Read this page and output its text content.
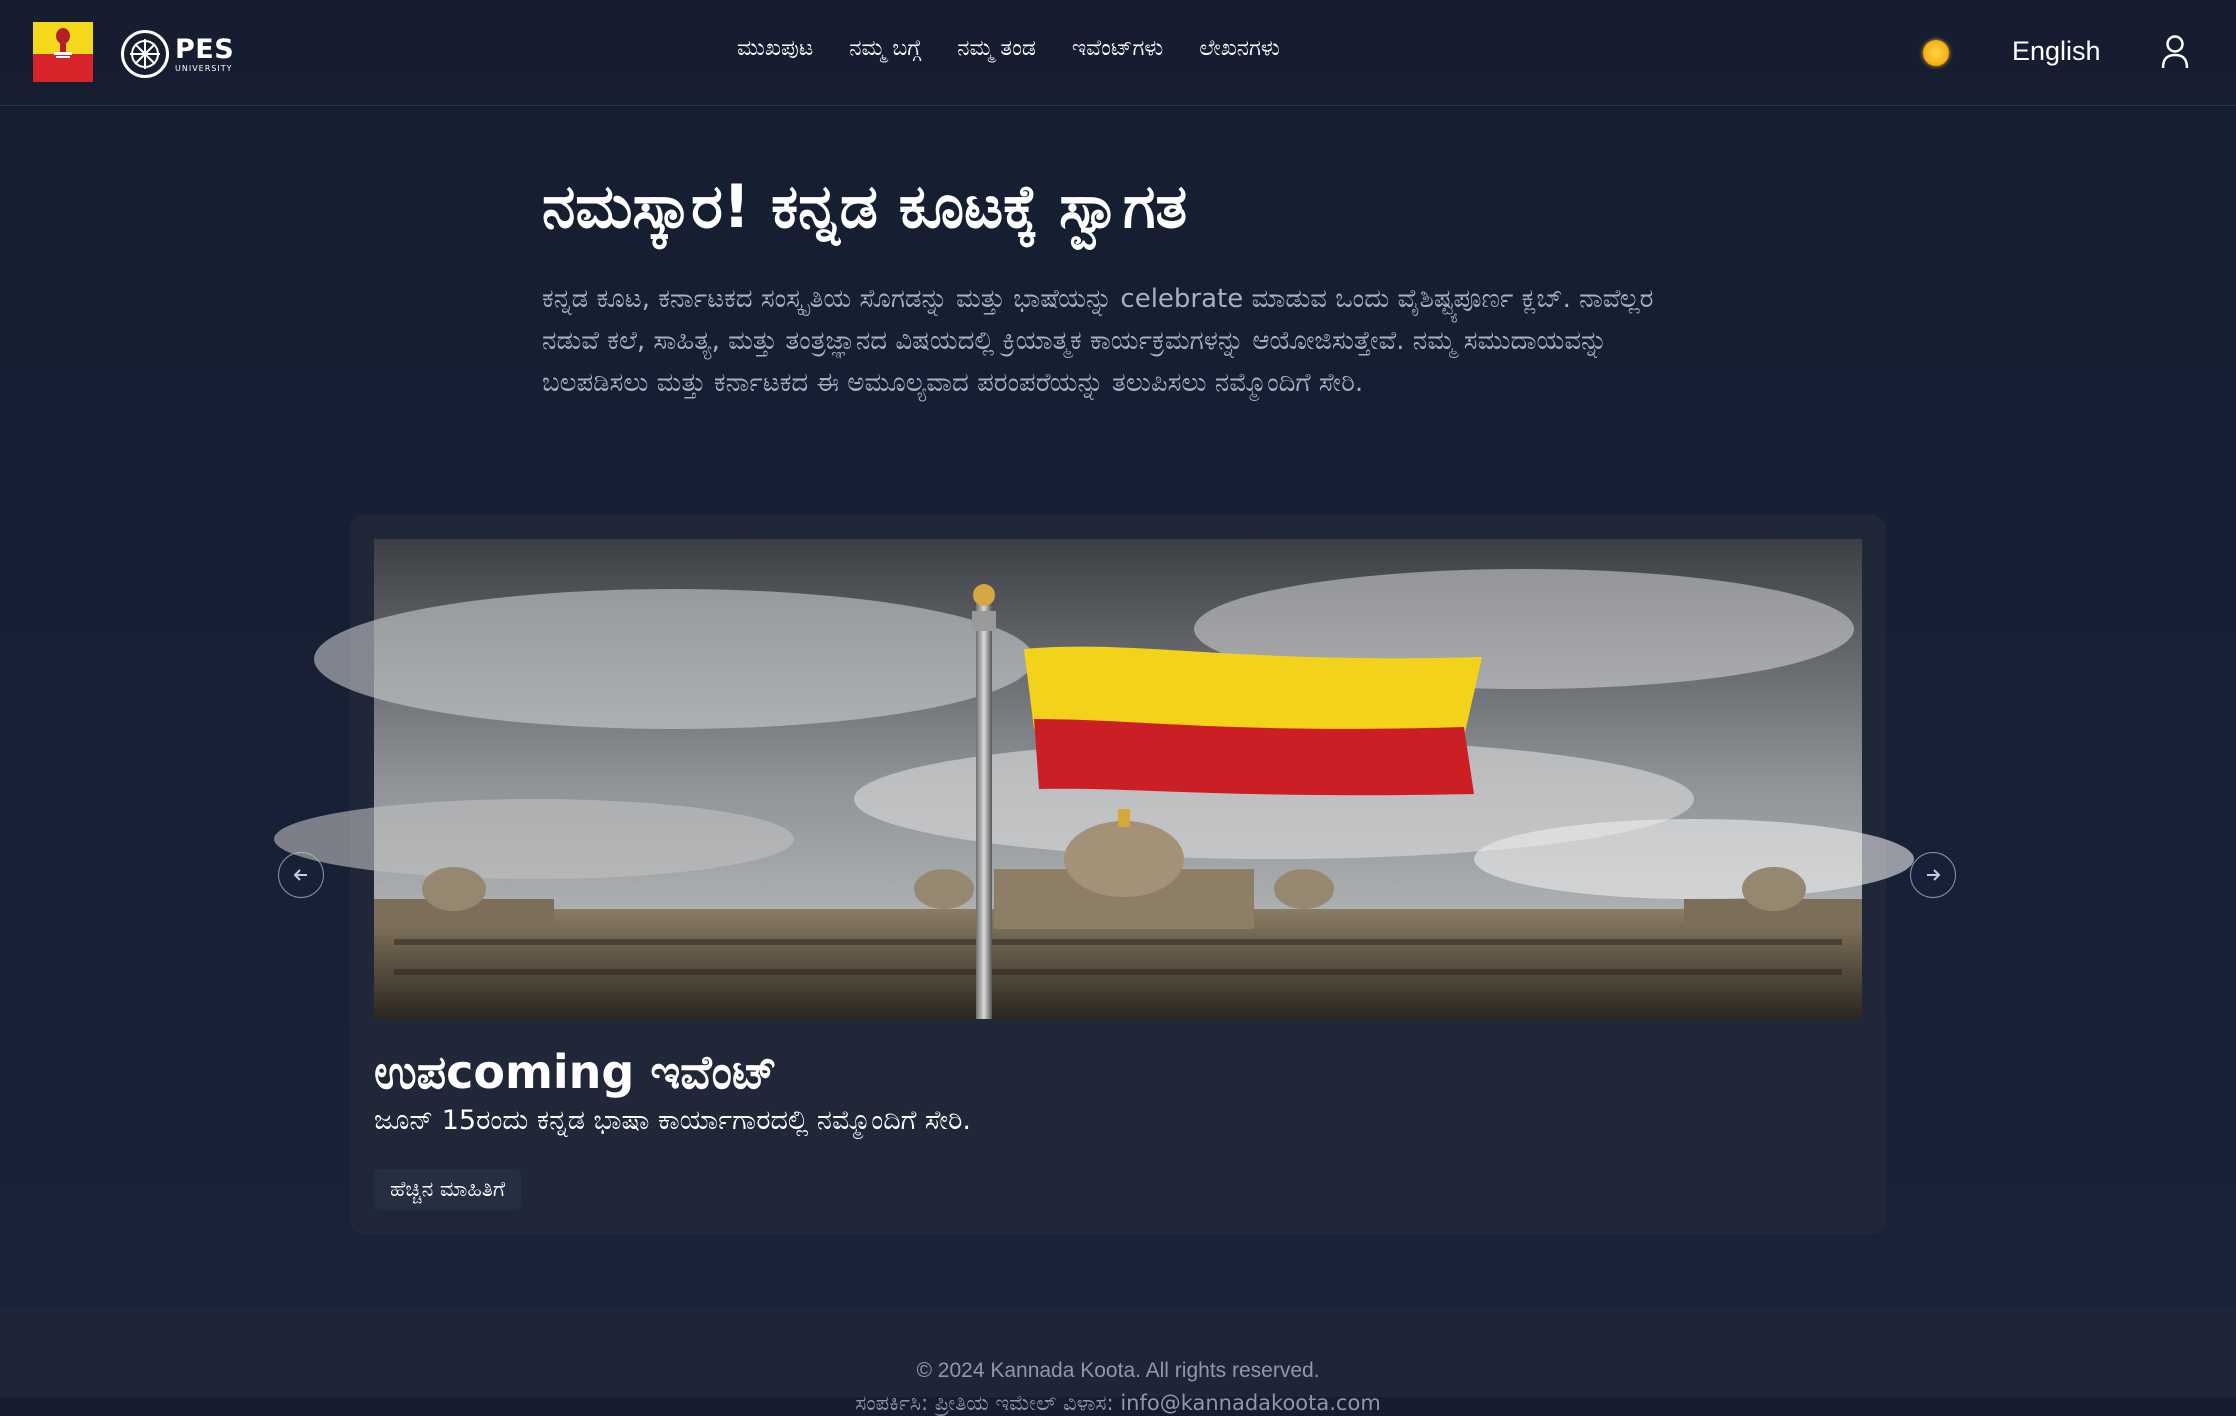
PES
UNIVERSITY
ಮುಖಪುಟ ನಮ್ಮ ಬಗ್ಗೆ ನಮ್ಮ ತಂಡ ಇವೆಂಟ್‌ಗಳು ಲೇಖನಗಳು	English
ನಮಸ್ಕಾರ! ಕನ್ನಡ ಕೂಟಕ್ಕೆ ಸ್ವಾಗತ

ಕನ್ನಡ ಕೂಟ, ಕರ್ನಾಟಕದ ಸಂಸ್ಕೃತಿಯ ಸೊಗಡನ್ನು ಮತ್ತು ಭಾಷೆಯನ್ನು celebrate ಮಾಡುವ ಒಂದು ವೈಶಿಷ್ಟ್ಯಪೂರ್ಣ ಕ್ಲಬ್. ನಾವೆಲ್ಲರ ನಡುವೆ ಕಲೆ, ಸಾಹಿತ್ಯ, ಮತ್ತು ತಂತ್ರಜ್ಞಾನದ ವಿಷಯದಲ್ಲಿ ಕ್ರಿಯಾತ್ಮಕ ಕಾರ್ಯಕ್ರಮಗಳನ್ನು ಆಯೋಜಿಸುತ್ತೇವೆ. ನಮ್ಮ ಸಮುದಾಯವನ್ನು ಬಲಪಡಿಸಲು ಮತ್ತು ಕರ್ನಾಟಕದ ಈ ಅಮೂಲ್ಯವಾದ ಪರಂಪರೆಯನ್ನು ತಲುಪಿಸಲು ನಮ್ಮೊಂದಿಗೆ ಸೇರಿ.

ಉಪcoming ಇವೆಂಟ್

ಜೂನ್ 15ರಂದು ಕನ್ನಡ ಭಾಷಾ ಕಾರ್ಯಾಗಾರದಲ್ಲಿ ನಮ್ಮೊಂದಿಗೆ ಸೇರಿ.

ಹೆಚ್ಚಿನ ಮಾಹಿತಿಗೆ
© 2024 Kannada Koota. All rights reserved.
ಸಂಪರ್ಕಿಸಿ: ಪ್ರೀತಿಯ ಇಮೇಲ್ ವಿಳಾಸ: info@kannadakoota.com
